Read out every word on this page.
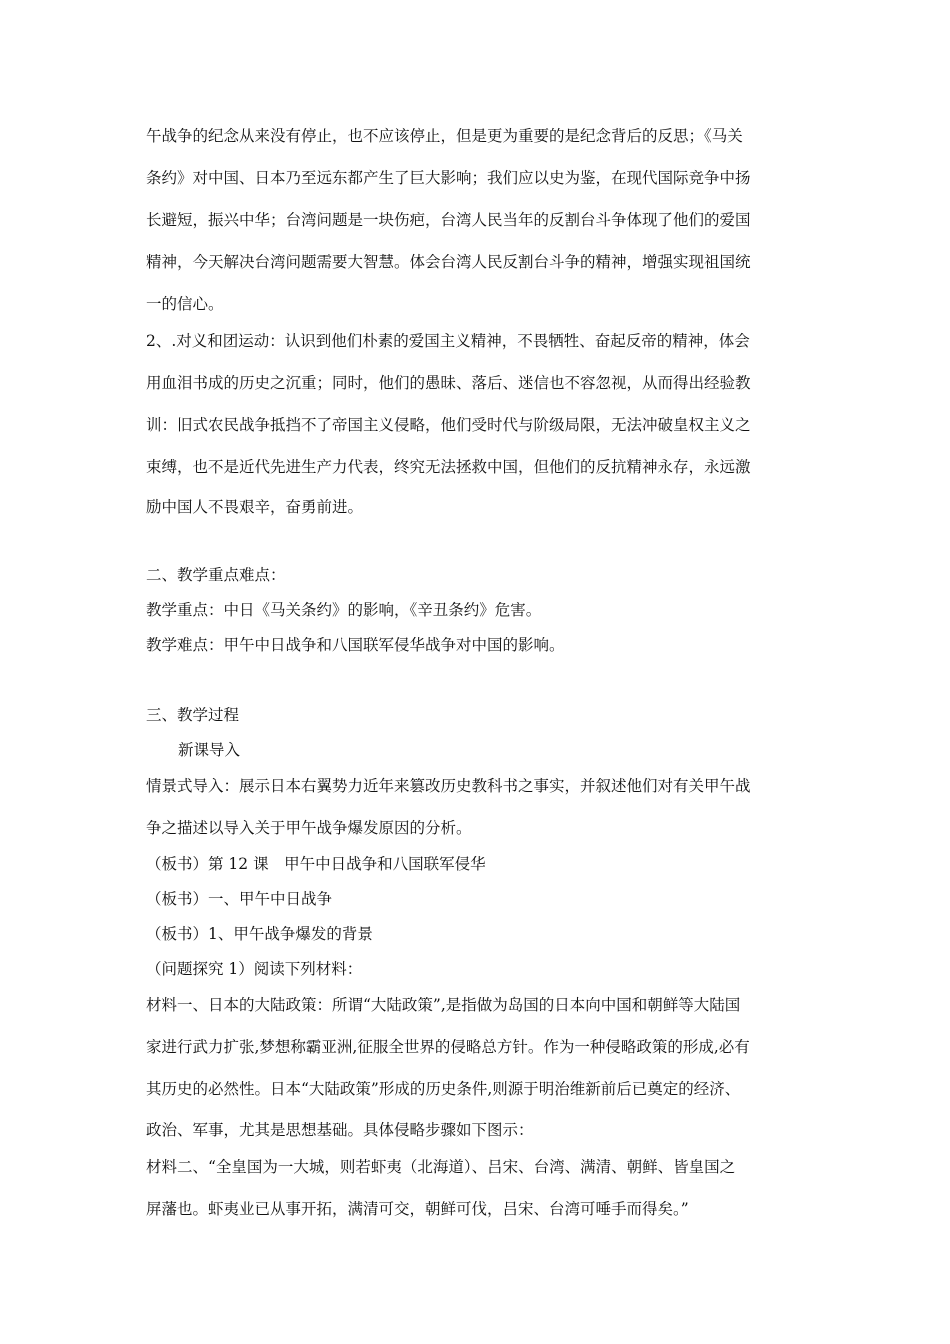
午战争的纪念从来没有停止，也不应该停止，但是更为重要的是纪念背后的反思；《马关
条约》对中国、日本乃至远东都产生了巨大影响；我们应以史为鉴，在现代国际竞争中扬
长避短，振兴中华；台湾问题是一块伤疤，台湾人民当年的反割台斗争体现了他们的爱国
精神，今天解决台湾问题需要大智慧。体会台湾人民反割台斗争的精神，增强实现祖国统
一的信心。
2、.对义和团运动：认识到他们朴素的爱国主义精神，不畏牺牲、奋起反帝的精神，体会
用血泪书成的历史之沉重；同时，他们的愚昧、落后、迷信也不容忽视，从而得出经验教
训：旧式农民战争抵挡不了帝国主义侵略，他们受时代与阶级局限，无法冲破皇权主义之
束缚，也不是近代先进生产力代表，终究无法拯救中国，但他们的反抗精神永存，永远激
励中国人不畏艰辛，奋勇前进。
二、教学重点难点：
教学重点：中日《马关条约》的影响，《辛丑条约》危害。
教学难点：甲午中日战争和八国联军侵华战争对中国的影响。
三、教学过程
新课导入
情景式导入：展示日本右翼势力近年来篡改历史教科书之事实，并叙述他们对有关甲午战
争之描述以导入关于甲午战争爆发原因的分析。
（板书）第 12 课　甲午中日战争和八国联军侵华
（板书）一、甲午中日战争
（板书）1、甲午战争爆发的背景
（问题探究 1）阅读下列材料：
材料一、日本的大陆政策：所谓“大陆政策”,是指做为岛国的日本向中国和朝鲜等大陆国
家进行武力扩张,梦想称霸亚洲,征服全世界的侵略总方针。作为一种侵略政策的形成,必有
其历史的必然性。日本“大陆政策”形成的历史条件,则源于明治维新前后已奠定的经济、
政治、军事，尤其是思想基础。具体侵略步骤如下图示：
材料二、“全皇国为一大城，则若虾夷（北海道）、吕宋、台湾、满清、朝鲜、皆皇国之
屏藩也。虾夷业已从事开拓，满清可交，朝鲜可伐，吕宋、台湾可唾手而得矣。”
